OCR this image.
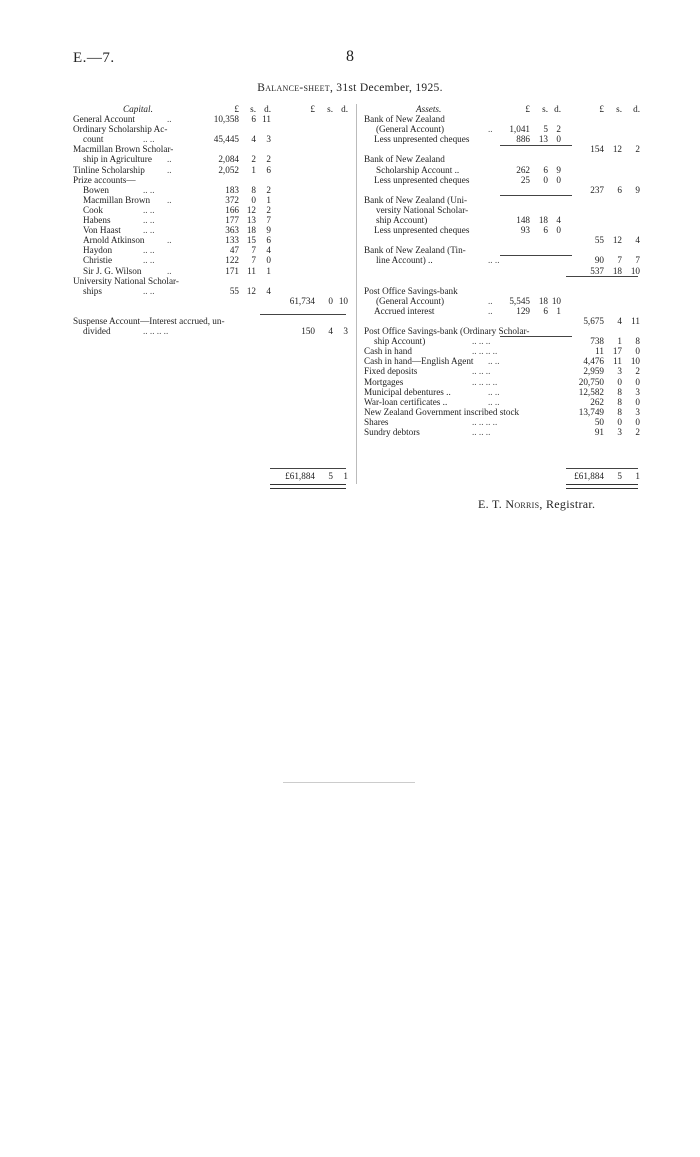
E.—7.	8
Balance-sheet, 31st December, 1925.
Capital.	£	s. d.	£	s. d.
General Account	..	10,358	6 11
Ordinary Scholarship Ac-
count	.. ..	45,445	4	3
Macmillan Brown Scholar-
ship in Agriculture ..	2,084	2	2
Tinline Scholarship ..	2,052	1	6
Prize accounts—
Bowen	.. ..	183	8	2
Macmillan Brown ..	372	0	1
Cook	.. ..	166 12	2
Habens	.. ..	177 13	7
Von Haast .. ..	363 18	9
Arnold Atkinson ..	133 15	6
Haydon	.. ..	47	7	4
Christie	.. ..	122	7	0
Sir J. G. Wilson	..	171 11	1
University National Scholar-
ships	.. ..	55 12	4
61,734	0 10
Suspense Account—Interest accrued, un-
divided	.. .. .. ..	150	4	3
£61,884	5	1
Assets.	£	s. d.	£	s.	d.
Bank of New Zealand
(General Account)	..	1,041	5 2
Less unpresented cheques	886 13 0
154 12	2
Bank of New Zealand
Scholarship Account ..	262	6 9
Less unpresented cheques	25	0 0
237	6	9
Bank of New Zealand (Uni-
versity National Scholar-
ship Account)	148 18 4
Less unpresented cheques	93	6 0
55 12	4
Bank of New Zealand (Tin-
line Account) ..	.. ..	90	7	7
537 18 10
Post Office Savings-bank
(General Account)	..	5,545 18 10
Accrued interest	..	129	6 1
5,675	4 11
Post Office Savings-bank (Ordinary Scholar-
ship Account)	.. .. ..	738	1	8
Cash in hand	.. .. .. ..	11 17	0
Cash in hand—English Agent .. ..	4,476 11 10
Fixed deposits	.. .. ..	2,959	3	2
Mortgages	.. .. .. ..	20,750	0	0
Municipal debentures ..	.. ..	12,582	8	3
War-loan certificates ..	.. ..	262	8	0
New Zealand Government inscribed stock	13,749	8	3
Shares	.. .. .. ..	50	0	0
Sundry debtors	.. .. ..	91	3	2
£61,884	5	1
E. T. Norris, Registrar.
